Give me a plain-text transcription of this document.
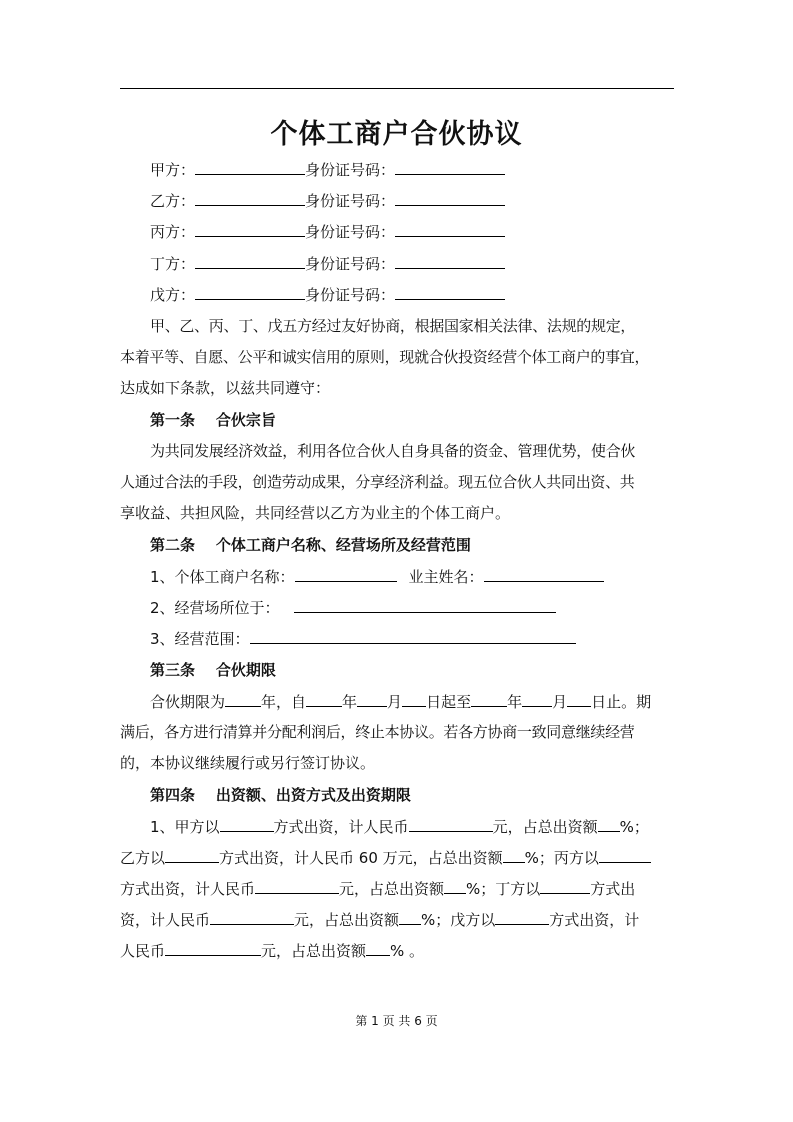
个体工商户合伙协议
甲方：	身份证号码：
乙方：	身份证号码：
丙方：	身份证号码：
丁方：	身份证号码：
戊方：	身份证号码：
甲、乙、丙、丁、戊五方经过友好协商，根据国家相关法律、法规的规定，
本着平等、自愿、公平和诚实信用的原则，现就合伙投资经营个体工商户的事宜，
达成如下条款，以兹共同遵守：
第一条    合伙宗旨
为共同发展经济效益，利用各位合伙人自身具备的资金、管理优势，使合伙
人通过合法的手段，创造劳动成果，分享经济利益。现五位合伙人共同出资、共
享收益、共担风险，共同经营以乙方为业主的个体工商户。
第二条    个体工商户名称、经营场所及经营范围
1、个体工商户名称：	业主姓名：
2、经营场所位于：
3、经营范围：
第三条    合伙期限
合伙期限为 年，自 年 月 日起至 年 月 日止。期
满后，各方进行清算并分配利润后，终止本协议。若各方协商一致同意继续经营
的，本协议继续履行或另行签订协议。
第四条    出资额、出资方式及出资期限
1、甲方以	方式出资，计人民币	元，占总出资额 %；
乙方以	方式出资，计人民币 60 万元，占总出资额 %；丙方以
方式出资，计人民币	元，占总出资额 %；丁方以	方式出
资，计人民币	元，占总出资额 %；戊方以	方式出资，计
人民币	元，占总出资额 % 。
第 1 页 共 6 页
